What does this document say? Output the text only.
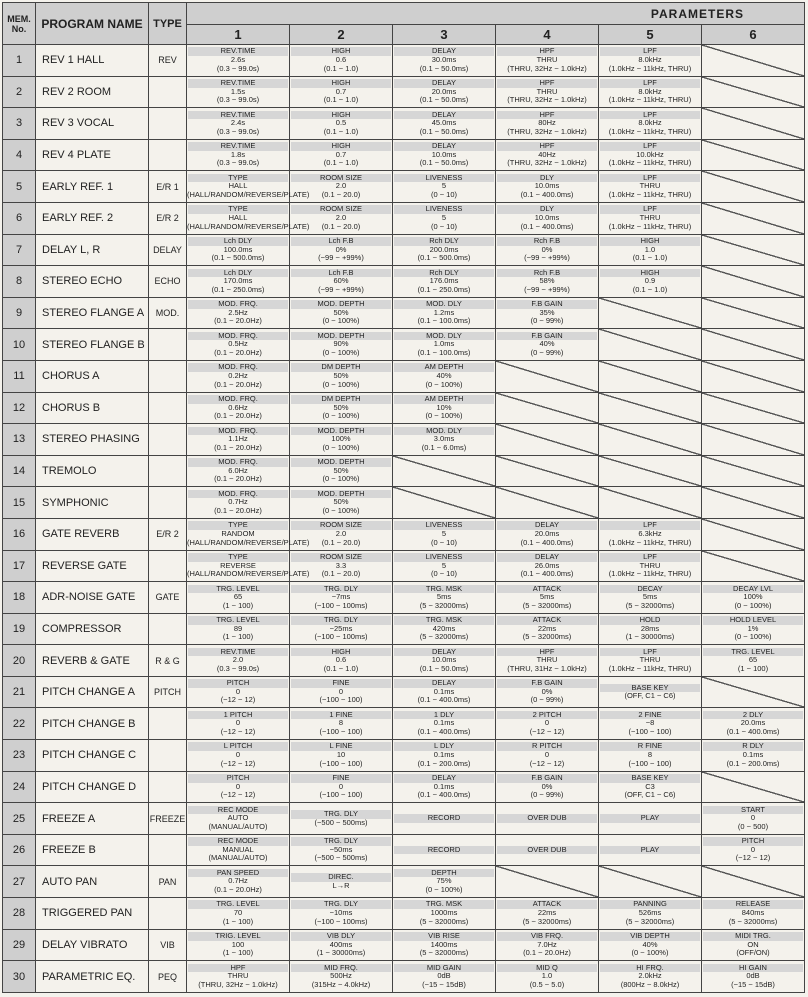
MEM.
No.	PROGRAM NAME	TYPE	PARAMETERS					
			1	2	3	4	5	6
1	REV 1 HALL	REV	REV.TIME
2.6s
(0.3 ~ 99.0s)	HIGH
0.6
(0.1 ~ 1.0)	DELAY
30.0ms
(0.1 ~ 50.0ms)	HPF
THRU
(THRU, 32Hz ~ 1.0kHz)	LPF
8.0kHz
(1.0kHz ~ 11kHz, THRU)	

2	REV 2 ROOM		REV.TIME
1.5s
(0.3 ~ 99.0s)	HIGH
0.7
(0.1 ~ 1.0)	DELAY
20.0ms
(0.1 ~ 50.0ms)	HPF
THRU
(THRU, 32Hz ~ 1.0kHz)	LPF
8.0kHz
(1.0kHz ~ 11kHz, THRU)	

3	REV 3 VOCAL		REV.TIME
2.4s
(0.3 ~ 99.0s)	HIGH
0.5
(0.1 ~ 1.0)	DELAY
45.0ms
(0.1 ~ 50.0ms)	HPF
80Hz
(THRU, 32Hz ~ 1.0kHz)	LPF
8.0kHz
(1.0kHz ~ 11kHz, THRU)	

4	REV 4 PLATE		REV.TIME
1.8s
(0.3 ~ 99.0s)	HIGH
0.7
(0.1 ~ 1.0)	DELAY
10.0ms
(0.1 ~ 50.0ms)	HPF
40Hz
(THRU, 32Hz ~ 1.0kHz)	LPF
10.0kHz
(1.0kHz ~ 11kHz, THRU)	

5	EARLY REF. 1	E/R 1	TYPE
HALL
(HALL/RANDOM/REVERSE/PLATE)	ROOM SIZE
2.0
(0.1 ~ 20.0)	LIVENESS
5
(0 ~ 10)	DLY
10.0ms
(0.1 ~ 400.0ms)	LPF
THRU
(1.0kHz ~ 11kHz, THRU)	

6	EARLY REF. 2	E/R 2	TYPE
HALL
(HALL/RANDOM/REVERSE/PLATE)	ROOM SIZE
2.0
(0.1 ~ 20.0)	LIVENESS
5
(0 ~ 10)	DLY
10.0ms
(0.1 ~ 400.0ms)	LPF
THRU
(1.0kHz ~ 11kHz, THRU)	

7	DELAY L, R	DELAY	Lch DLY
100.0ms
(0.1 ~ 500.0ms)	Lch F.B
0%
(−99 ~ +99%)	Rch DLY
200.0ms
(0.1 ~ 500.0ms)	Rch F.B
0%
(−99 ~ +99%)	HIGH
1.0
(0.1 ~ 1.0)	

8	STEREO ECHO	ECHO	Lch DLY
170.0ms
(0.1 ~ 250.0ms)	Lch F.B
60%
(−99 ~ +99%)	Rch DLY
176.0ms
(0.1 ~ 250.0ms)	Rch F.B
58%
(−99 ~ +99%)	HIGH
0.9
(0.1 ~ 1.0)	

9	STEREO FLANGE A	MOD.	MOD. FRQ.
2.5Hz
(0.1 ~ 20.0Hz)	MOD. DEPTH
50%
(0 ~ 100%)	MOD. DLY
1.2ms
(0.1 ~ 100.0ms)	F.B GAIN
35%
(0 ~ 99%)		

10	STEREO FLANGE B		MOD. FRQ.
0.5Hz
(0.1 ~ 20.0Hz)	MOD. DEPTH
90%
(0 ~ 100%)	MOD. DLY
1.0ms
(0.1 ~ 100.0ms)	F.B GAIN
40%
(0 ~ 99%)		

11	CHORUS A		MOD. FRQ.
0.2Hz
(0.1 ~ 20.0Hz)	DM DEPTH
50%
(0 ~ 100%)	AM DEPTH
40%
(0 ~ 100%)			

12	CHORUS B		MOD. FRQ.
0.6Hz
(0.1 ~ 20.0Hz)	DM DEPTH
50%
(0 ~ 100%)	AM DEPTH
10%
(0 ~ 100%)			

13	STEREO PHASING		MOD. FRQ.
1.1Hz
(0.1 ~ 20.0Hz)	MOD. DEPTH
100%
(0 ~ 100%)	MOD. DLY
3.0ms
(0.1 ~ 6.0ms)			

14	TREMOLO		MOD. FRQ.
6.0Hz
(0.1 ~ 20.0Hz)	MOD. DEPTH
50%
(0 ~ 100%)				

15	SYMPHONIC		MOD. FRQ.
0.7Hz
(0.1 ~ 20.0Hz)	MOD. DEPTH
50%
(0 ~ 100%)				

16	GATE REVERB	E/R 2	TYPE
RANDOM
(HALL/RANDOM/REVERSE/PLATE)	ROOM SIZE
2.0
(0.1 ~ 20.0)	LIVENESS
5
(0 ~ 10)	DELAY
20.0ms
(0.1 ~ 400.0ms)	LPF
6.3kHz
(1.0kHz ~ 11kHz, THRU)	

17	REVERSE GATE		TYPE
REVERSE
(HALL/RANDOM/REVERSE/PLATE)	ROOM SIZE
3.3
(0.1 ~ 20.0)	LIVENESS
5
(0 ~ 10)	DELAY
26.0ms
(0.1 ~ 400.0ms)	LPF
THRU
(1.0kHz ~ 11kHz, THRU)	

18	ADR-NOISE GATE	GATE	TRG. LEVEL
65
(1 ~ 100)	TRG. DLY
−7ms
(−100 ~ 100ms)	TRG. MSK
5ms
(5 ~ 32000ms)	ATTACK
5ms
(5 ~ 32000ms)	DECAY
5ms
(5 ~ 32000ms)	DECAY LVL
100%
(0 ~ 100%)

19	COMPRESSOR		TRG. LEVEL
89
(1 ~ 100)	TRG. DLY
−25ms
(−100 ~ 100ms)	TRG. MSK
420ms
(5 ~ 32000ms)	ATTACK
22ms
(5 ~ 32000ms)	HOLD
28ms
(1 ~ 30000ms)	HOLD LEVEL
1%
(0 ~ 100%)

20	REVERB & GATE	R & G	REV.TIME
2.0
(0.3 ~ 99.0s)	HIGH
0.6
(0.1 ~ 1.0)	DELAY
10.0ms
(0.1 ~ 50.0ms)	HPF
THRU
(THRU, 31Hz ~ 1.0kHz)	LPF
THRU
(1.0kHz ~ 11kHz, THRU)	TRG. LEVEL
65
(1 ~ 100)

21	PITCH CHANGE A	PITCH	PITCH
0
(−12 ~ 12)	FINE
0
(−100 ~ 100)	DELAY
0.1ms
(0.1 ~ 400.0ms)	F.B GAIN
0%
(0 ~ 99%)	BASE KEY
(OFF, C1 ~ C6)	

22	PITCH CHANGE B		1 PITCH
0
(−12 ~ 12)	1 FINE
8
(−100 ~ 100)	1 DLY
0.1ms
(0.1 ~ 400.0ms)	2 PITCH
0
(−12 ~ 12)	2 FINE
−8
(−100 ~ 100)	2 DLY
20.0ms
(0.1 ~ 400.0ms)

23	PITCH CHANGE C		L PITCH
0
(−12 ~ 12)	L FINE
10
(−100 ~ 100)	L DLY
0.1ms
(0.1 ~ 200.0ms)	R PITCH
0
(−12 ~ 12)	R FINE
8
(−100 ~ 100)	R DLY
0.1ms
(0.1 ~ 200.0ms)

24	PITCH CHANGE D		PITCH
0
(−12 ~ 12)	FINE
0
(−100 ~ 100)	DELAY
0.1ms
(0.1 ~ 400.0ms)	F.B GAIN
0%
(0 ~ 99%)	BASE KEY
C3
(OFF, C1 ~ C6)	

25	FREEZE A	FREEZE	REC MODE
AUTO
(MANUAL/AUTO)	TRG. DLY
(−500 ~ 500ms)	RECORD	OVER DUB	PLAY	START
0
(0 ~ 500)

26	FREEZE B		REC MODE
MANUAL
(MANUAL/AUTO)	TRG. DLY
−50ms
(−500 ~ 500ms)	RECORD	OVER DUB	PLAY	PITCH
0
(−12 ~ 12)

27	AUTO PAN	PAN	PAN SPEED
0.7Hz
(0.1 ~ 20.0Hz)	DIREC.
L→R	DEPTH
75%
(0 ~ 100%)			

28	TRIGGERED PAN		TRG. LEVEL
70
(1 ~ 100)	TRG. DLY
−10ms
(−100 ~ 100ms)	TRG. MSK
1000ms
(5 ~ 32000ms)	ATTACK
22ms
(5 ~ 32000ms)	PANNING
526ms
(5 ~ 32000ms)	RELEASE
840ms
(5 ~ 32000ms)

29	DELAY VIBRATO	VIB	TRIG. LEVEL
100
(1 ~ 100)	VIB DLY
400ms
(1 ~ 30000ms)	VIB RISE
1400ms
(5 ~ 32000ms)	VIB FRQ.
7.0Hz
(0.1 ~ 20.0Hz)	VIB DEPTH
40%
(0 ~ 100%)	MIDI TRG.
ON
(OFF/ON)

30	PARAMETRIC EQ.	PEQ	HPF
THRU
(THRU, 32Hz ~ 1.0kHz)	MID FRQ.
500Hz
(315Hz ~ 4.0kHz)	MID GAIN
0dB
(−15 ~ 15dB)	MID Q
1.0
(0.5 ~ 5.0)	HI FRQ.
2.0kHz
(800Hz ~ 8.0kHz)	HI GAIN
0dB
(−15 ~ 15dB)
